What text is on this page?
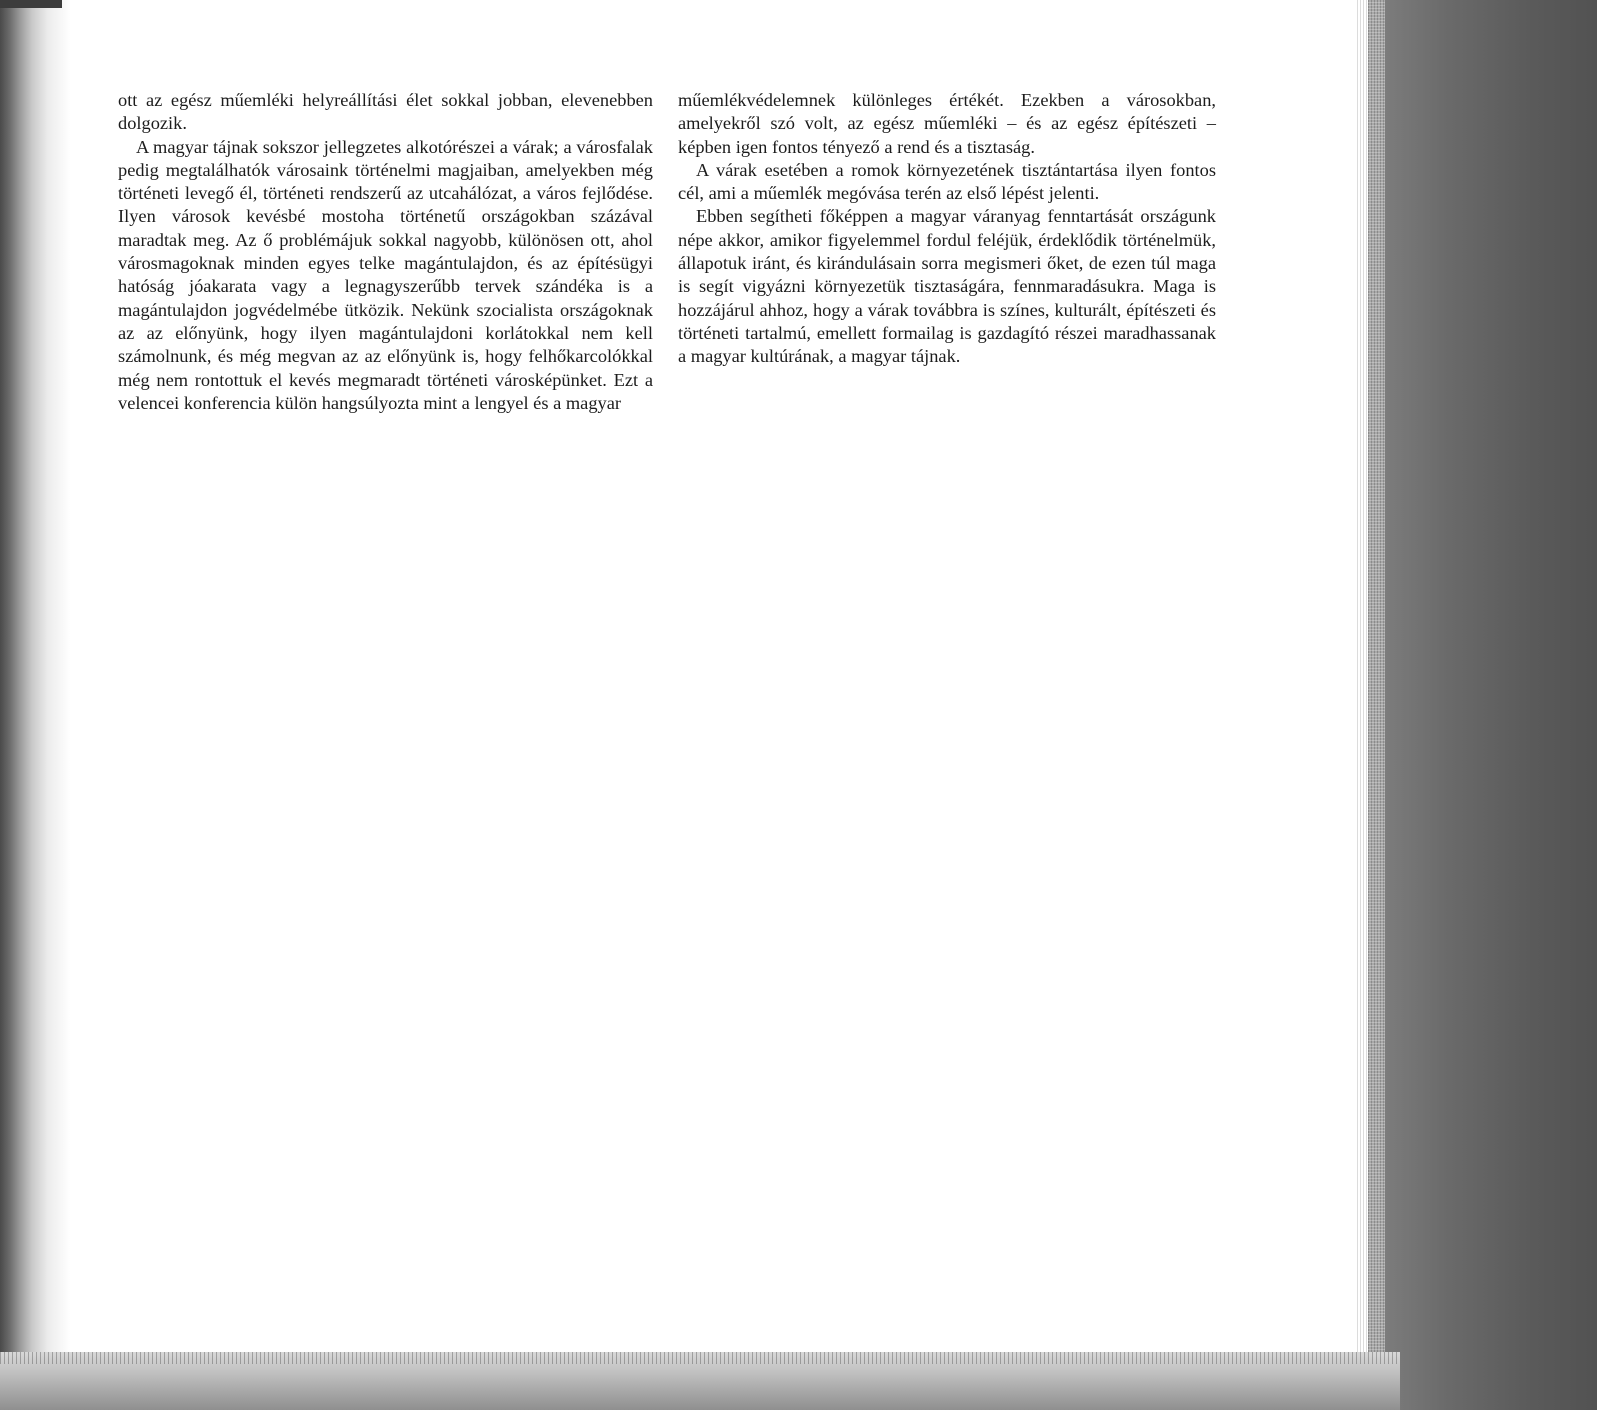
ott az egész műemléki helyreállítási élet sokkal jobban, elevenebben dolgozik.

A magyar tájnak sokszor jellegzetes alkotórészei a várak; a városfalak pedig megtalálhatók városaink történelmi magjaiban, amelyekben még történeti levegő él, történeti rendszerű az utcahálózat, a város fejlődése. Ilyen városok kevésbé mostoha történetű országokban százával maradtak meg. Az ő problémájuk sokkal nagyobb, különösen ott, ahol városmagoknak minden egyes telke magántulajdon, és az építésügyi hatóság jóakarata vagy a legnagyszerűbb tervek szándéka is a magántulajdon jogvédelmébe ütközik. Nekünk szocialista országoknak az az előnyünk, hogy ilyen magántulajdoni korlátokkal nem kell számolnunk, és még megvan az az előnyünk is, hogy felhőkarcolókkal még nem rontottuk el kevés megmaradt történeti városképünket. Ezt a velencei konferencia külön hangsúlyozta mint a lengyel és a magyar

műemlékvédelemnek különleges értékét. Ezekben a városokban, amelyekről szó volt, az egész műemléki – és az egész építészeti – képben igen fontos tényező a rend és a tisztaság.

A várak esetében a romok környezetének tisztántartása ilyen fontos cél, ami a műemlék megóvása terén az első lépést jelenti.

Ebben segítheti főképpen a magyar váranyag fenntartását országunk népe akkor, amikor figyelemmel fordul feléjük, érdeklődik történelmük, állapotuk iránt, és kirándulásain sorra megismeri őket, de ezen túl maga is segít vigyázni környezetük tisztaságára, fennmaradásukra. Maga is hozzájárul ahhoz, hogy a várak továbbra is színes, kulturált, építészeti és történeti tartalmú, emellett formailag is gazdagító részei maradhassanak a magyar kultúrának, a magyar tájnak.
